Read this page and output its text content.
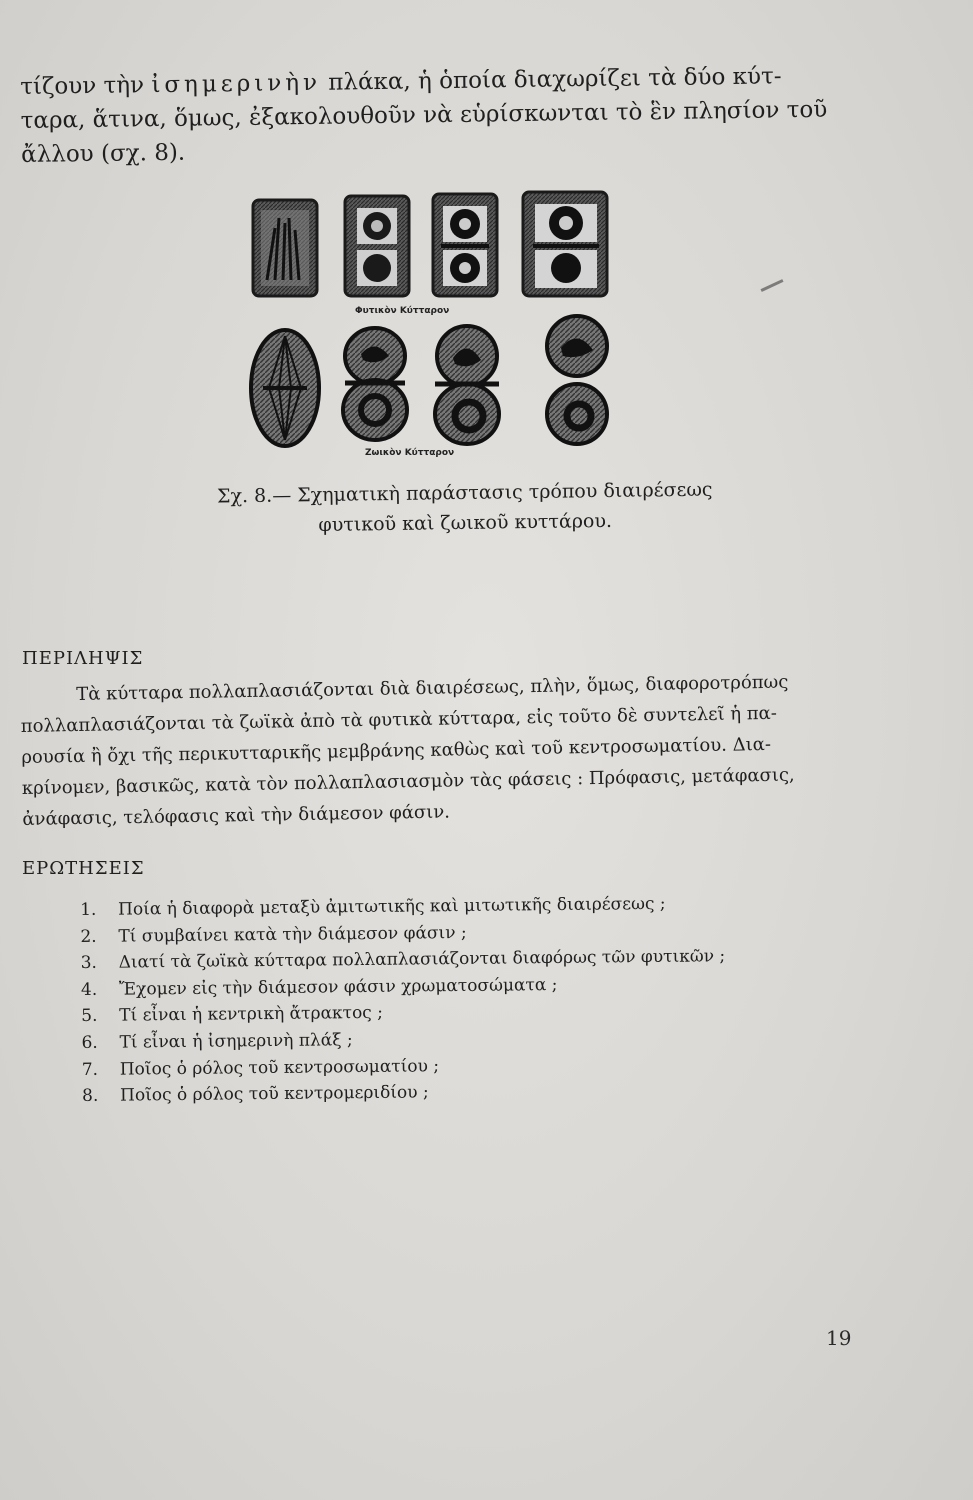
τίζουν τὴν ἰσημερινὴν πλάκα, ἡ ὁποία διαχωρίζει τὰ δύο κύτ-

ταρα, ἅτινα, ὅμως, ἐξακολουθοῦν νὰ εὑρίσκωνται τὸ ἓν πλησίον τοῦ

ἄλλου (σχ. 8).

Φυτικὸν Κύτταρον
Ζωικὸν Κύτταρον

Σχ. 8.— Σχηματικὴ παράστασις τρόπου διαιρέσεως

φυτικοῦ καὶ ζωικοῦ κυττάρου.

ΠΕΡΙΛΗΨΙΣ

Τὰ κύτταρα πολλαπλασιάζονται διὰ διαιρέσεως, πλὴν, ὅμως, διαφοροτρόπως

πολλαπλασιάζονται τὰ ζωϊκὰ ἀπὸ τὰ φυτικὰ κύτταρα, εἰς τοῦτο δὲ συντελεῖ ἡ πα-

ρουσία ἢ ὄχι τῆς περικυτταρικῆς μεμβράνης καθὼς καὶ τοῦ κεντροσωματίου. Δια-

κρίνομεν, βασικῶς, κατὰ τὸν πολλαπλασιασμὸν τὰς φάσεις : Πρόφασις, μετάφασις,

ἀνάφασις, τελόφασις καὶ τὴν διάμεσον φάσιν.

ΕΡΩΤΗΣΕΙΣ
1. Ποία ἡ διαφορὰ μεταξὺ ἀμιτωτικῆς καὶ μιτωτικῆς διαιρέσεως ;
2. Τί συμβαίνει κατὰ τὴν διάμεσον φάσιν ;
3. Διατί τὰ ζωϊκὰ κύτταρα πολλαπλασιάζονται διαφόρως τῶν φυτικῶν ;
4. Ἔχομεν εἰς τὴν διάμεσον φάσιν χρωματοσώματα ;
5. Τί εἶναι ἡ κεντρικὴ ἄτρακτος ;
6. Τί εἶναι ἡ ἰσημερινὴ πλάξ ;
7. Ποῖος ὁ ρόλος τοῦ κεντροσωματίου ;
8. Ποῖος ὁ ρόλος τοῦ κεντρομεριδίου ;
19
